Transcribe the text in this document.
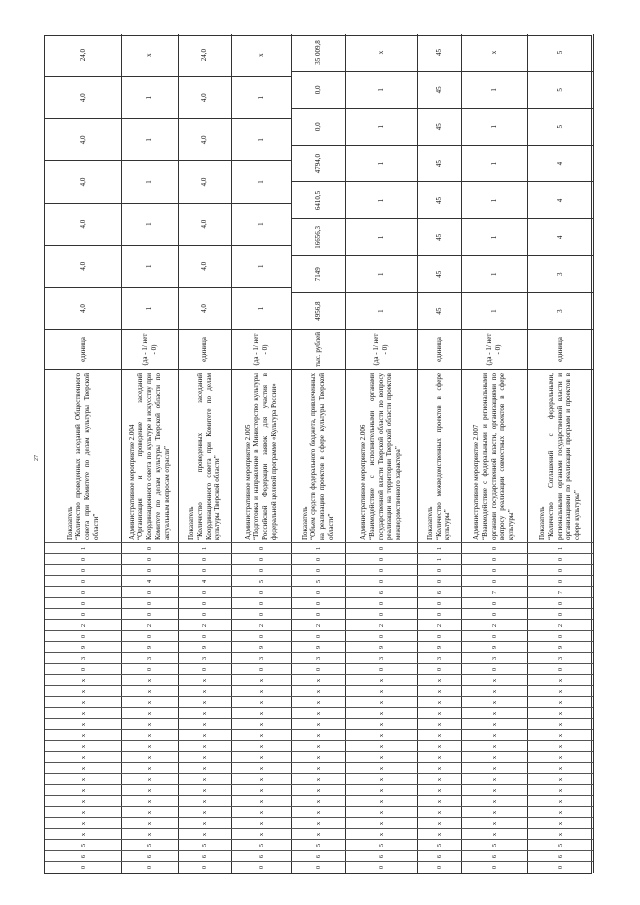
27
0
6
5
x
x
x
x
x
x
x
x
x
x
x
x
x
x
x
0
3
9
0
2
0
0
0
0
0
0
1
Показатель “Количество проведенных заседаний Общественного совета при Комитете по делам культуры Тверской области”
единица
4,0
4,0
4,0
4,0
4,0
4,0
24,0
0
6
5
x
x
x
x
x
x
x
x
x
x
x
x
x
x
x
0
3
9
0
2
0
0
0
4
0
0
0
Административное мероприятие 2.004 “Организация и проведение заседаний Координационного совета по культуре и искусству при Комитете по делам культуры Тверской области по актуальным вопросам отрасли”
(да - 1/ нет - 0)
1
1
1
1
1
1
x
0
6
5
x
x
x
x
x
x
x
x
x
x
x
x
x
x
x
0
3
9
0
2
0
0
0
4
0
0
1
Показатель “Количество проведенных заседаний Координационного совета при Комитете по делам культуры Тверской области”
единица
4,0
4,0
4,0
4,0
4,0
4,0
24,0
0
6
5
x
x
x
x
x
x
x
x
x
x
x
x
x
x
x
0
3
9
0
2
0
0
0
5
0
0
0
Административное мероприятие 2.005 “Подготовка и направление в Министерство культуры Российской Федерации заявок для участия в федеральной целевой программе «Культура России»
(да - 1/ нет - 0)
1
1
1
1
1
1
x
0
6
5
x
x
x
x
x
x
x
x
x
x
x
x
x
x
x
0
3
9
0
2
0
0
0
5
0
0
1
Показатель “Объем средств федерального бюджета, привлеченных на реализацию проектов в сфере культуры Тверской области”
тыс. рублей
4956,8
7149
16656,3
6410,5
4794,0
0,0
0,0
35 009,8
0
6
5
x
x
x
x
x
x
x
x
x
x
x
x
x
x
x
0
3
9
0
2
0
0
6
0
0
0
0
Административное мероприятие 2.006 “Взаимодействие с исполнительными органами государственной власти Тверской области по вопросу реализации на территории Тверской области проектов межведомственного характера”
(да - 1/ нет - 0)
1
1
1
1
1
1
1
x
0
6
5
x
x
x
x
x
x
x
x
x
x
x
x
x
x
x
0
3
9
0
2
0
0
6
0
0
1
1
Показатель “Количество межведомственных проектов в сфере культуры”
единица
45
45
45
45
45
45
45
45
0
6
5
x
x
x
x
x
x
x
x
x
x
x
x
x
x
x
0
3
9
0
2
0
0
7
0
0
0
0
Административное мероприятие 2.007 “Взаимодействие с федеральными и региональными органами государственной власти, организациями по вопросу реализации совместных проектов в сфере культуры”
(да - 1/ нет - 0)
1
1
1
1
1
1
1
x
0
6
5
x
x
x
x
x
x
x
x
x
x
x
x
x
x
x
0
3
9
0
2
0
0
7
0
0
0
1
Показатель “Количество Соглашений с федеральными, региональными органами государственной власти и организациями по реализации программ и проектов в сфере культуры”
единица
3
3
4
4
4
5
5
5
